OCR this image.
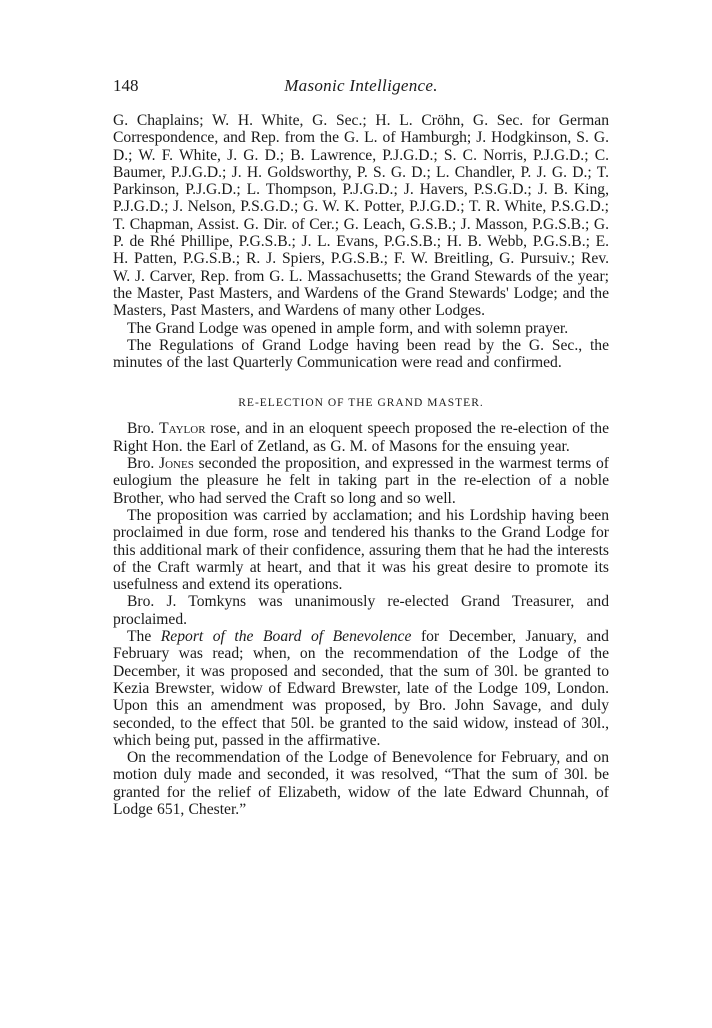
148	Masonic Intelligence.

G. Chaplains; W. H. White, G. Sec.; H. L. Cröhn, G. Sec. for German Correspondence, and Rep. from the G. L. of Hamburgh; J. Hodgkinson, S. G. D.; W. F. White, J. G. D.; B. Lawrence, P.J.G.D.; S. C. Norris, P.J.G.D.; C. Baumer, P.J.G.D.; J. H. Goldsworthy, P. S. G. D.; L. Chandler, P. J. G. D.; T. Parkinson, P.J.G.D.; L. Thompson, P.J.G.D.; J. Havers, P.S.G.D.; J. B. King, P.J.G.D.; J. Nelson, P.S.G.D.; G. W. K. Potter, P.J.G.D.; T. R. White, P.S.G.D.; T. Chapman, Assist. G. Dir. of Cer.; G. Leach, G.S.B.; J. Masson, P.G.S.B.; G. P. de Rhé Phillipe, P.G.S.B.; J. L. Evans, P.G.S.B.; H. B. Webb, P.G.S.B.; E. H. Patten, P.G.S.B.; R. J. Spiers, P.G.S.B.; F. W. Breitling, G. Pursuiv.; Rev. W. J. Carver, Rep. from G. L. Massachusetts; the Grand Stewards of the year; the Master, Past Masters, and Wardens of the Grand Stewards' Lodge; and the Masters, Past Masters, and Wardens of many other Lodges.

The Grand Lodge was opened in ample form, and with solemn prayer.

The Regulations of Grand Lodge having been read by the G. Sec., the minutes of the last Quarterly Communication were read and confirmed.

RE-ELECTION OF THE GRAND MASTER.

Bro. Taylor rose, and in an eloquent speech proposed the re-election of the Right Hon. the Earl of Zetland, as G. M. of Masons for the ensuing year.

Bro. Jones seconded the proposition, and expressed in the warmest terms of eulogium the pleasure he felt in taking part in the re-election of a noble Brother, who had served the Craft so long and so well.

The proposition was carried by acclamation; and his Lordship having been proclaimed in due form, rose and tendered his thanks to the Grand Lodge for this additional mark of their confidence, assuring them that he had the interests of the Craft warmly at heart, and that it was his great desire to promote its usefulness and extend its operations.

Bro. J. Tomkyns was unanimously re-elected Grand Treasurer, and proclaimed.

The Report of the Board of Benevolence for December, January, and February was read; when, on the recommendation of the Lodge of the December, it was proposed and seconded, that the sum of 30l. be granted to Kezia Brewster, widow of Edward Brewster, late of the Lodge 109, London. Upon this an amendment was proposed, by Bro. John Savage, and duly seconded, to the effect that 50l. be granted to the said widow, instead of 30l., which being put, passed in the affirmative.

On the recommendation of the Lodge of Benevolence for February, and on motion duly made and seconded, it was resolved, “That the sum of 30l. be granted for the relief of Elizabeth, widow of the late Edward Chunnah, of Lodge 651, Chester.”
